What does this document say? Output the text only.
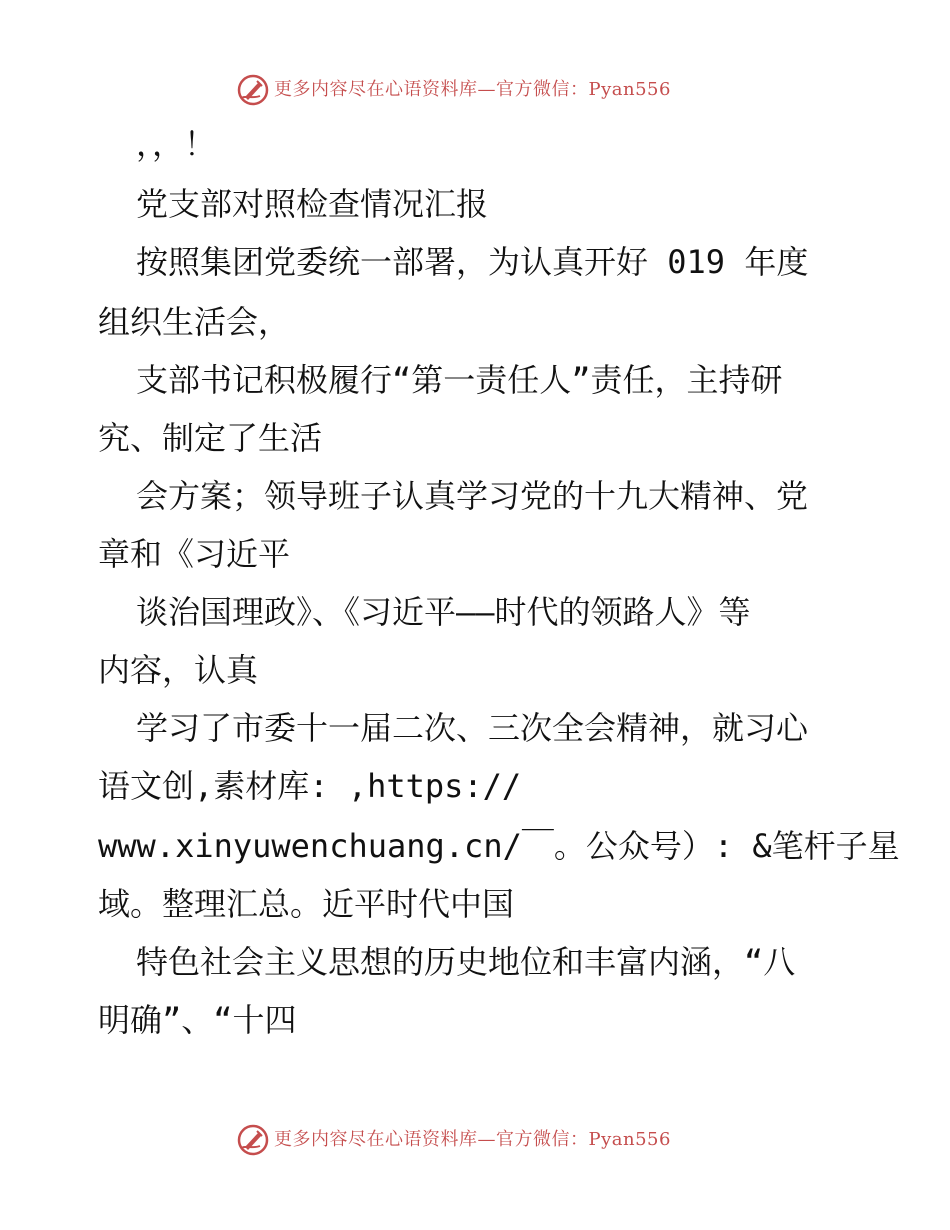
更多内容尽在心语资料库—官方微信：Pyan556
，，！
党支部对照检查情况汇报
按照集团党委统一部署，为认真开好 019 年度
组织生活会，
支部书记积极履行“第一责任人”责任，主持研
究、制定了生活
会方案；领导班子认真学习党的十九大精神、党
章和《习近平
谈治国理政》、《习近平——时代的领路人》等
内容，认真
学习了市委十一届二次、三次全会精神，就习心
语文创,素材库: ,https://
www.xinyuwenchuang.cn/￣。公众号）: &笔杆子星
域。整理汇总。近平时代中国
特色社会主义思想的历史地位和丰富内涵，“八
明确”、“十四
更多内容尽在心语资料库—官方微信：Pyan556
